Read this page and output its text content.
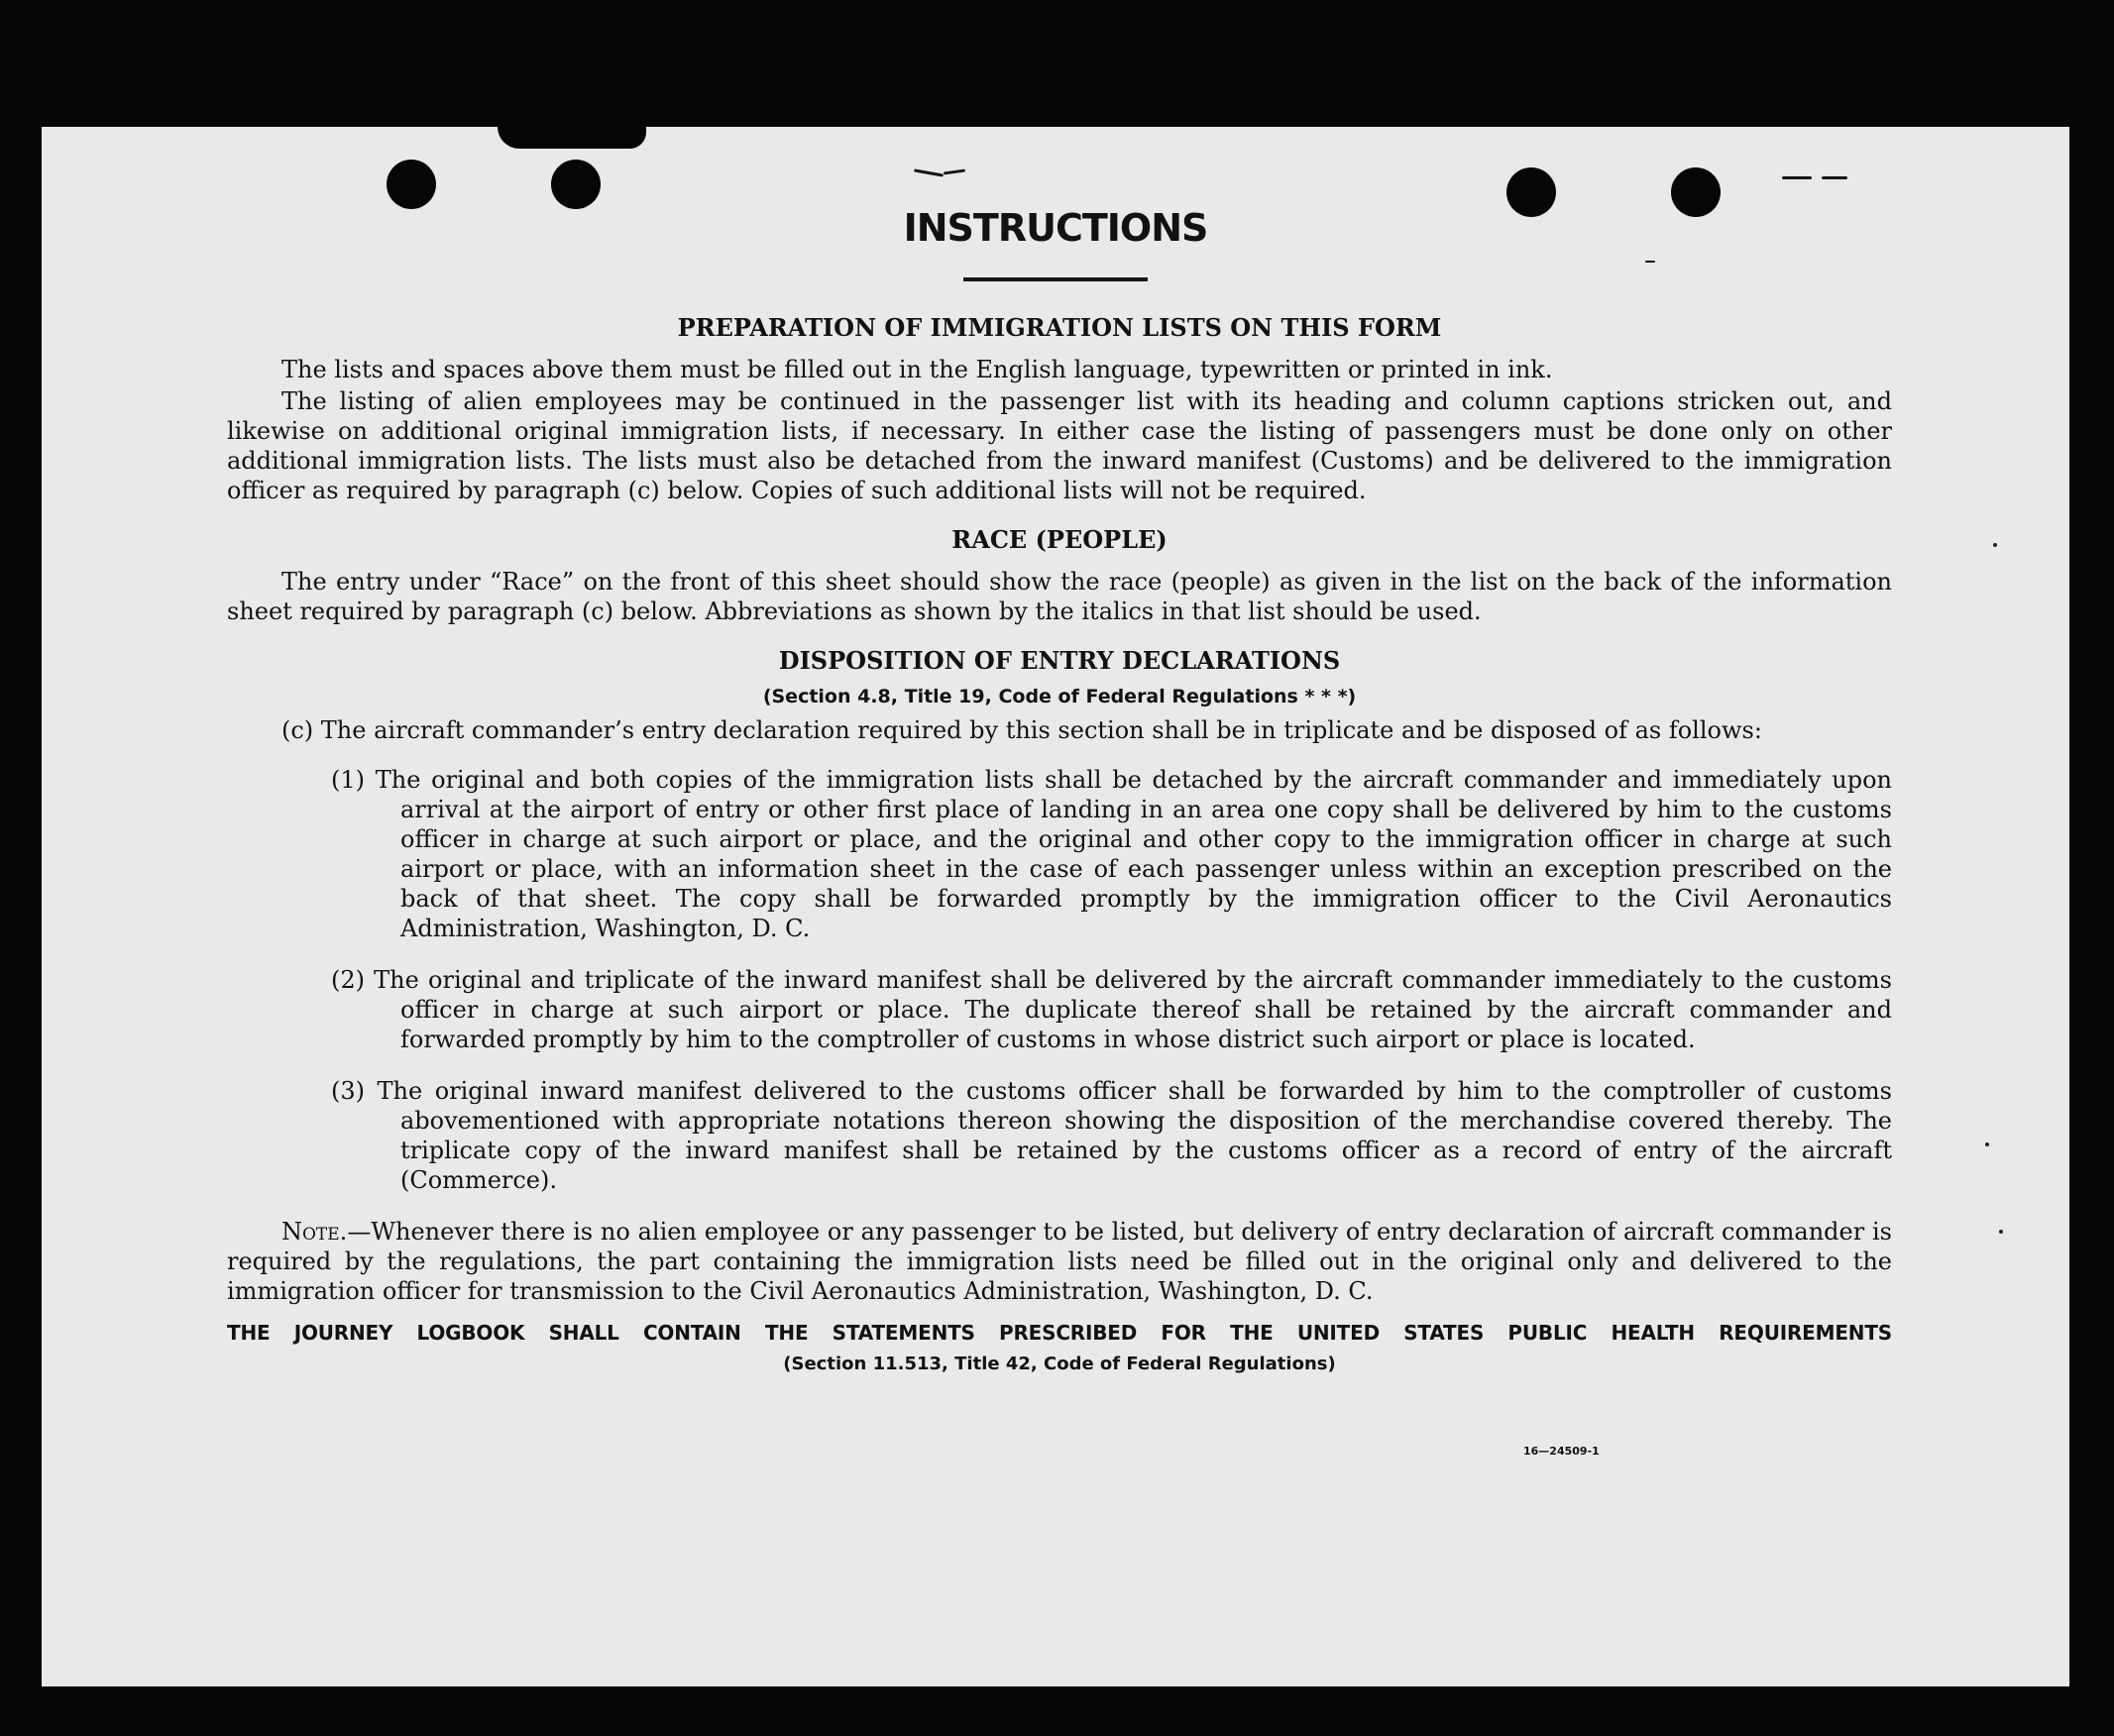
INSTRUCTIONS
PREPARATION OF IMMIGRATION LISTS ON THIS FORM

The lists and spaces above them must be filled out in the English language, typewritten or printed in ink.

The listing of alien employees may be continued in the passenger list with its heading and column captions stricken out, and likewise on additional original immigration lists, if necessary. In either case the listing of passengers must be done only on other additional immigration lists. The lists must also be detached from the inward manifest (Customs) and be delivered to the immigration officer as required by paragraph (c) below. Copies of such additional lists will not be required.

RACE (PEOPLE)

The entry under “Race” on the front of this sheet should show the race (people) as given in the list on the back of the information sheet required by paragraph (c) below. Abbreviations as shown by the italics in that list should be used.

DISPOSITION OF ENTRY DECLARATIONS
(Section 4.8, Title 19, Code of Federal Regulations * * *)

(c) The aircraft commander’s entry declaration required by this section shall be in triplicate and be disposed of as follows:

(1) The original and both copies of the immigration lists shall be detached by the aircraft commander and immediately upon arrival at the airport of entry or other first place of landing in an area one copy shall be delivered by him to the customs officer in charge at such airport or place, and the original and other copy to the immigration officer in charge at such airport or place, with an information sheet in the case of each passenger unless within an exception prescribed on the back of that sheet. The copy shall be forwarded promptly by the immigration officer to the Civil Aeronautics Administration, Washington, D. C.

(2) The original and triplicate of the inward manifest shall be delivered by the aircraft commander immediately to the customs officer in charge at such airport or place. The duplicate thereof shall be retained by the aircraft commander and forwarded promptly by him to the comptroller of customs in whose district such airport or place is located.

(3) The original inward manifest delivered to the customs officer shall be forwarded by him to the comptroller of customs abovementioned with appropriate notations thereon showing the disposition of the merchandise covered thereby. The triplicate copy of the inward manifest shall be retained by the customs officer as a record of entry of the aircraft (Commerce).

Note.—Whenever there is no alien employee or any passenger to be listed, but delivery of entry declaration of aircraft commander is required by the regulations, the part containing the immigration lists need be filled out in the original only and delivered to the immigration officer for transmission to the Civil Aeronautics Administration, Washington, D. C.

THE JOURNEY LOGBOOK SHALL CONTAIN THE STATEMENTS PRESCRIBED FOR THE UNITED STATES PUBLIC HEALTH REQUIREMENTS
(Section 11.513, Title 42, Code of Federal Regulations)
16—24509-1
